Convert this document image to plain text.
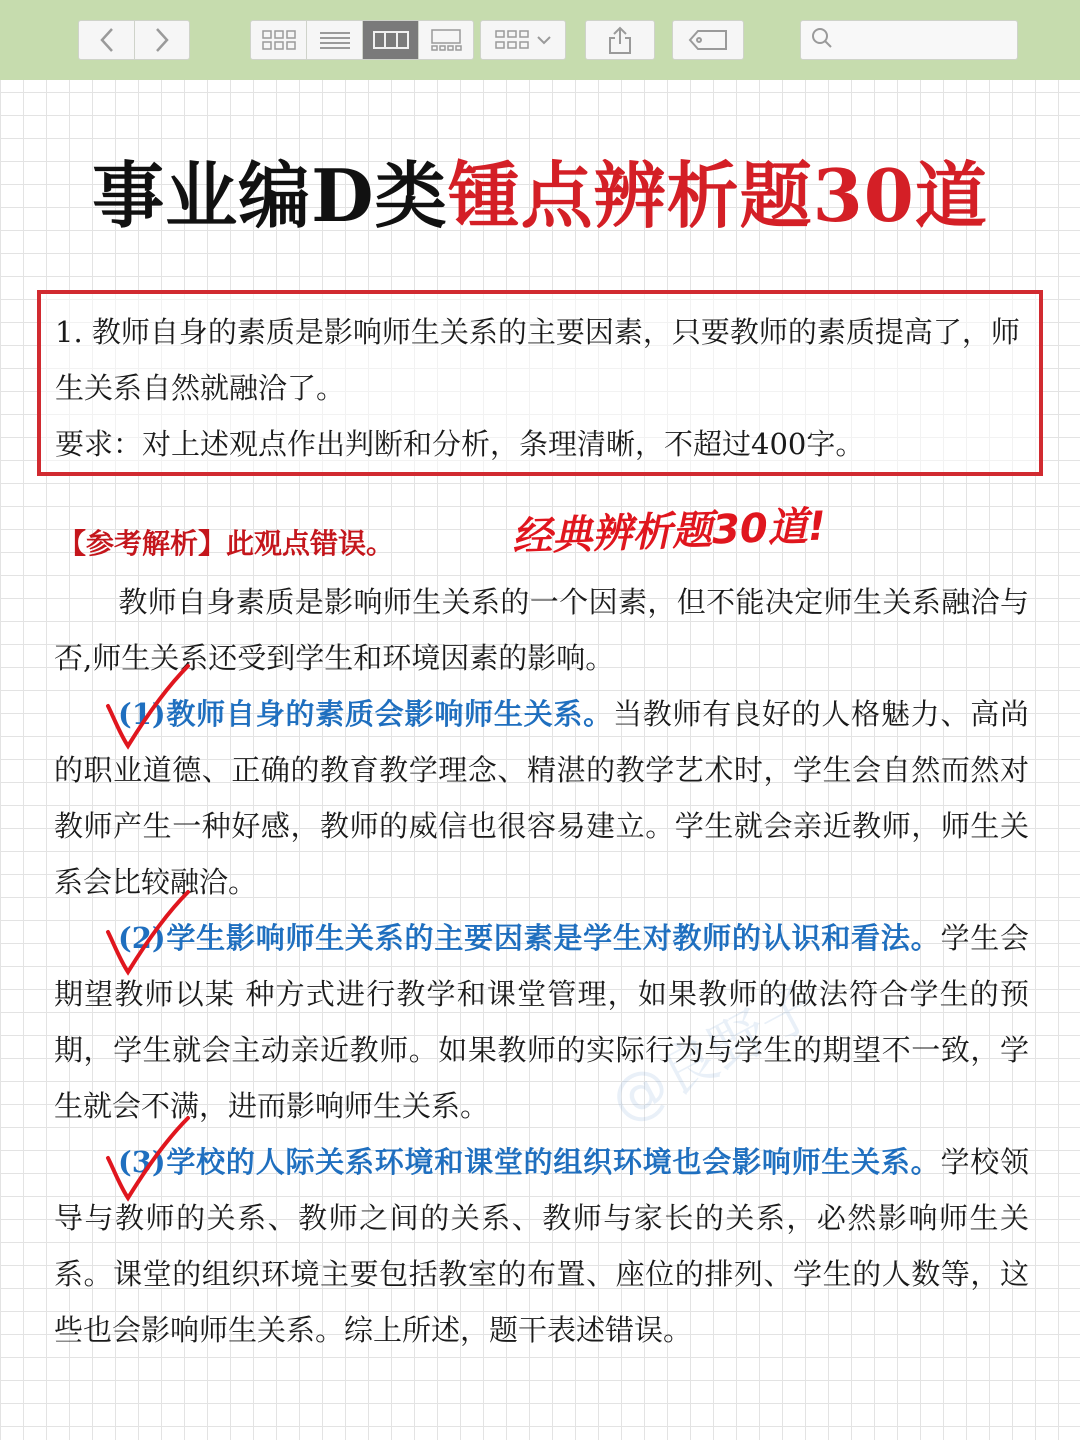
事业编D类锺点辨析题30道

1. 教师自身的素质是影响师生关系的主要因素，只要教师的素质提高了，师生关系自然就融洽了。

要求：对上述观点作出判断和分析，条理清晰，不超过400字。

【参考解析】此观点错误。	经典辨析题30道!
@良野子

教师自身素质是影响师生关系的一个因素，但不能决定师生关系融洽与否,师生关系还受到学生和环境因素的影响。

(1)教师自身的素质会影响师生关系。当教师有良好的人格魅力、高尚的职业道德、正确的教育教学理念、精湛的教学艺术时，学生会自然而然对教师产生一种好感，教师的威信也很容易建立。学生就会亲近教师，师生关系会比较融洽。

(2)学生影响师生关系的主要因素是学生对教师的认识和看法。学生会期望教师以某 种方式进行教学和课堂管理，如果教师的做法符合学生的预期，学生就会主动亲近教师。如果教师的实际行为与学生的期望不一致，学生就会不满，进而影响师生关系。

(3)学校的人际关系环境和课堂的组织环境也会影响师生关系。学校领导与教师的关系、教师之间的关系、教师与家长的关系，必然影响师生关系。课堂的组织环境主要包括教室的布置、座位的排列、学生的人数等，这些也会影响师生关系。综上所述，题干表述错误。
